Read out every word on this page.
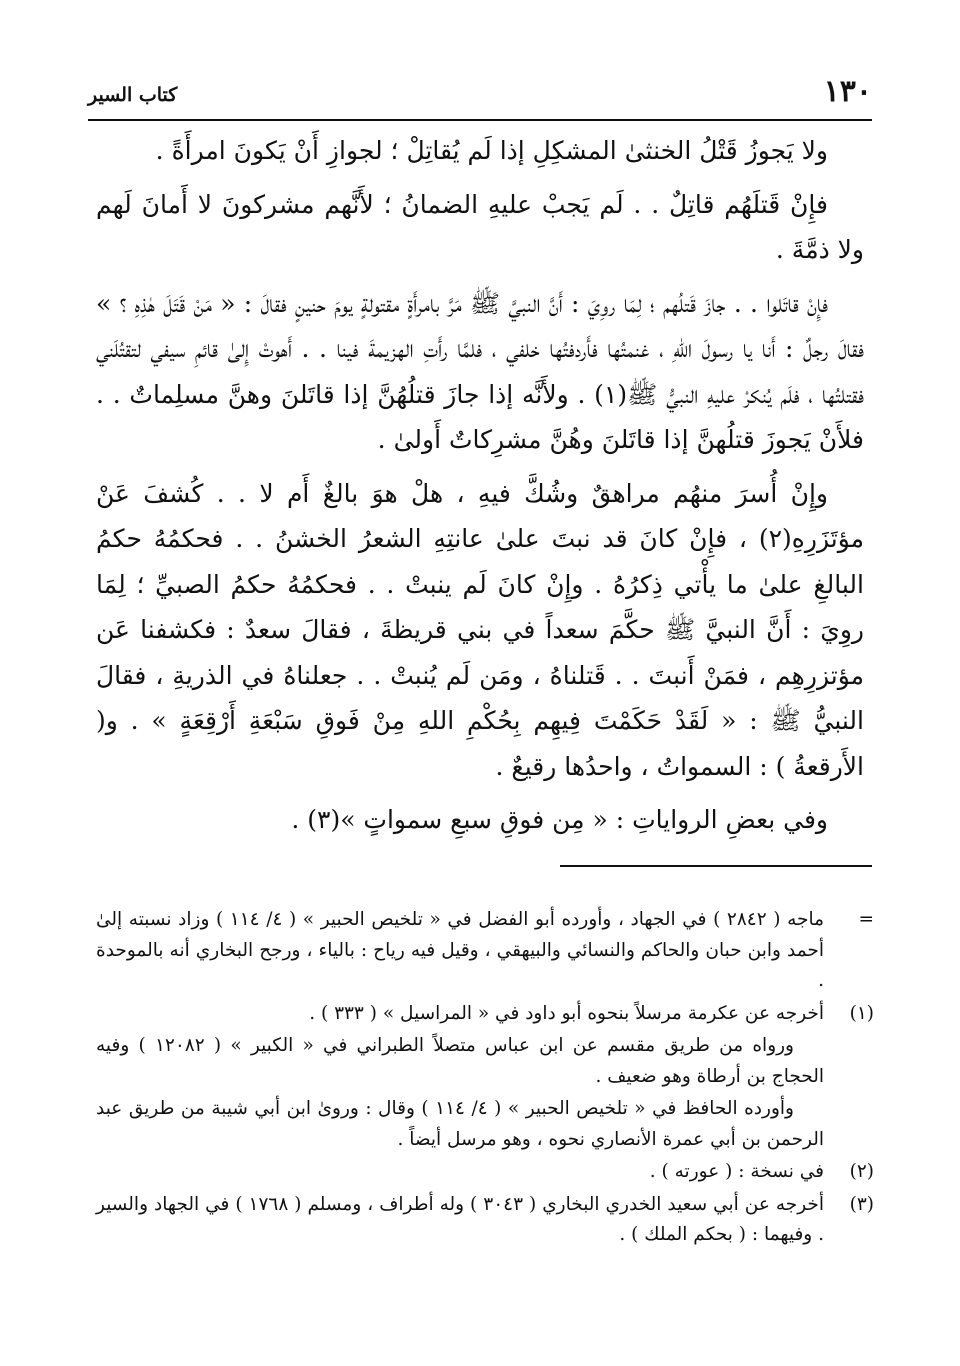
١٣٠
كتاب السير

ولا يَجوزُ قَتْلُ الخنثىٰ المشكِلِ إذا لَم يُقاتِلْ ؛ لجوازِ أَنْ يَكونَ امرأَةً .

فإِنْ قَتلَهُم قاتِلٌ . . لَم يَجبْ عليهِ الضمانُ ؛ لأَنَّهم مشركونَ لا أَمانَ لَهم ولا ذمَّةَ .

فإِنْ قاتَلوا . . جازَ قَتلُهم ؛ لِمَا روِيَ : أَنَّ النبيَّ ﷺ مَرَّ بامرأَةٍ مقتولةٍ يومَ حنينٍ فقالَ : « مَنْ قَتَلَ هٰذِهِ ؟ » فقالَ رجلٌ : أَنا يا رسولَ اللهِ ، غنمتُها فأَردفتُها خلفي ، فلمَّا رأَتِ الهزيمةَ فينا . . أَهوتْ إِلىٰ قائمِ سيفي لتقتُلَني فقتلتُها ، فلَم يُنكرْ عليهِ النبيُّ ﷺ(١) . ولأَنَّه إذا جازَ قتلُهُنَّ إذا قاتَلنَ وهنَّ مسلِماتٌ . . فلأَنْ يَجوزَ قتلُهنَّ إذا قاتَلنَ وهُنَّ مشرِكاتٌ أَولىٰ .

وإِنْ أُسرَ منهُم مراهقٌ وشُكَّ فيهِ ، هلْ هوَ بالغٌ أَم لا . . كُشفَ عَنْ مؤتَزَرِهِ(٢) ، فإِنْ كانَ قد نبتَ علىٰ عانتِهِ الشعرُ الخشنُ . . فحكمُهُ حكمُ البالغِ علىٰ ما يأْتي ذِكرُهُ . وإِنْ كانَ لَم ينبتْ . . فحكمُهُ حكمُ الصبيِّ ؛ لِمَا روِيَ : أَنَّ النبيَّ ﷺ حكَّمَ سعداً في بني قريظةَ ، فقالَ سعدٌ : فكشفنا عَن مؤتزرِهِم ، فمَنْ أَنبتَ . . قَتلناهُ ، ومَن لَم يُنبتْ . . جعلناهُ في الذريةِ ، فقالَ النبيُّ ﷺ : « لَقَدْ حَكَمْتَ فِيهِم بِحُكْمِ اللهِ مِنْ فَوقِ سَبْعَةِ أَرْقِعَةٍ » . و( الأَرقعةُ ) : السمواتُ ، واحدُها رقيعٌ .

وفي بعضِ الرواياتِ : « مِن فوقِ سبعِ سمواتٍ »(٣) .

=
ماجه ( ٢٨٤٢ ) في الجهاد ، وأورده أبو الفضل في « تلخيص الحبير » ( ٤/ ١١٤ ) وزاد نسبته إلىٰ أحمد وابن حبان والحاكم والنسائي والبيهقي ، وقيل فيه رياح : بالياء ، ورجح البخاري أنه بالموحدة .
(١)
أخرجه عن عكرمة مرسلاً بنحوه أبو داود في « المراسيل » ( ٣٣٣ ) .
ورواه من طريق مقسم عن ابن عباس متصلاً الطبراني في « الكبير » ( ١٢٠٨٢ ) وفيه الحجاج بن أرطاة وهو ضعيف .
وأورده الحافظ في « تلخيص الحبير » ( ٤/ ١١٤ ) وقال : وروىٰ ابن أبي شيبة من طريق عبد الرحمن بن أبي عمرة الأنصاري نحوه ، وهو مرسل أيضاً .
(٢)
في نسخة : ( عورته ) .
(٣)
أخرجه عن أبي سعيد الخدري البخاري ( ٣٠٤٣ ) وله أطراف ، ومسلم ( ١٧٦٨ ) في الجهاد والسير . وفيهما : ( بحكم الملك ) .
